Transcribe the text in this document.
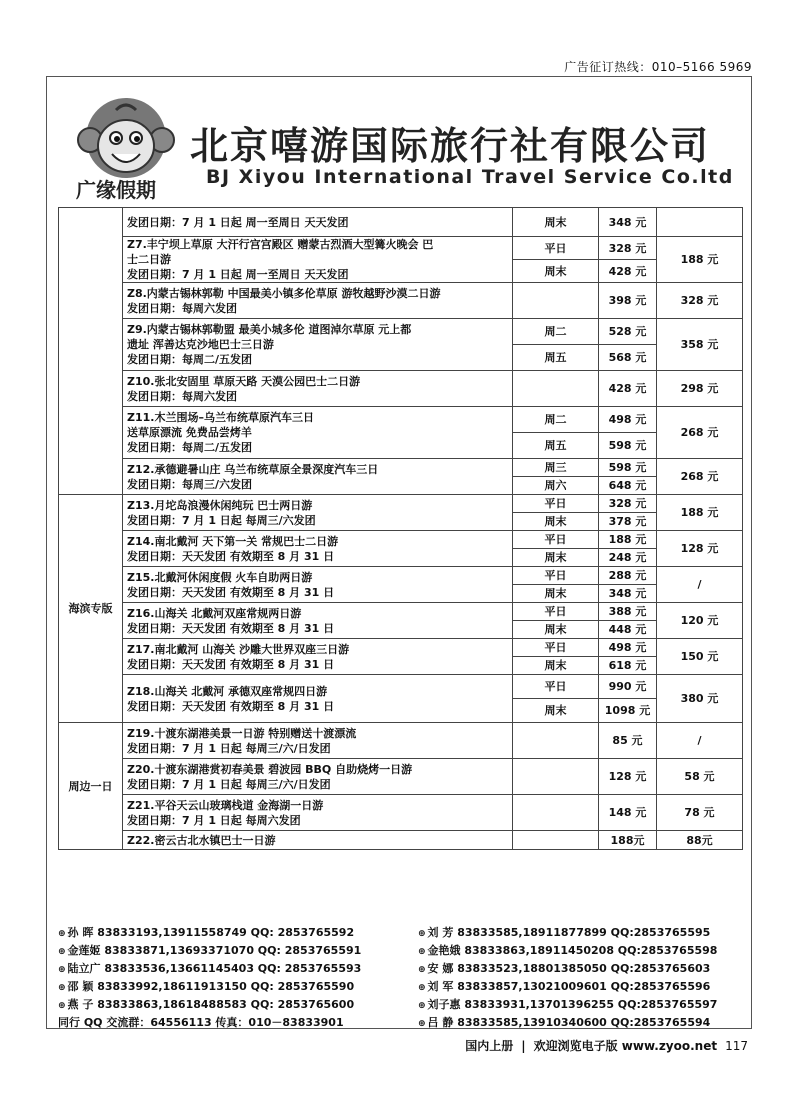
广告征订热线：010–5166 5969
北京嘻游国际旅行社有限公司
BJ Xiyou International Travel Service Co.ltd
广缘假期

	发团日期：7 月 1 日起 周一至周日 天天发团	周末	348 元	

	Z7.丰宁坝上草原 大汗行宫宫殿区 赠蒙古烈酒大型篝火晚会 巴
士二日游
发团日期：7 月 1 日起 周一至周日 天天发团	平日	328 元	188 元
		周末	428 元	

	Z8.内蒙古锡林郭勒 中国最美小镇多伦草原 游牧越野沙漠二日游
发团日期：每周六发团		398 元	328 元

	Z9.内蒙古锡林郭勒盟 最美小城多伦 道图淖尔草原 元上都
遗址 浑善达克沙地巴士三日游
发团日期：每周二/五发团	周二	528 元	358 元
		周五	568 元	

	Z10.张北安固里 草原天路 天漠公园巴士二日游
发团日期：每周六发团		428 元	298 元

	Z11.木兰围场–乌兰布统草原汽车三日
送草原漂流 免费品尝烤羊
发团日期：每周二/五发团	周二	498 元	268 元
		周五	598 元	

	Z12.承德避暑山庄 乌兰布统草原全景深度汽车三日
发团日期：每周三/六发团	周三	598 元	268 元
		周六	648 元	
海滨专版	Z13.月坨岛浪漫休闲纯玩 巴士两日游
发团日期：7 月 1 日起 每周三/六发团	平日	328 元	188 元
		周末	378 元	

	Z14.南北戴河 天下第一关 常规巴士二日游
发团日期：天天发团 有效期至 8 月 31 日	平日	188 元	128 元
		周末	248 元	

	Z15.北戴河休闲度假 火车自助两日游
发团日期：天天发团 有效期至 8 月 31 日	平日	288 元	/
		周末	348 元	

	Z16.山海关 北戴河双座常规两日游
发团日期：天天发团 有效期至 8 月 31 日	平日	388 元	120 元
		周末	448 元	

	Z17.南北戴河 山海关 沙雕大世界双座三日游
发团日期：天天发团 有效期至 8 月 31 日	平日	498 元	150 元
		周末	618 元	

	Z18.山海关 北戴河 承德双座常规四日游
发团日期：天天发团 有效期至 8 月 31 日	平日	990 元	380 元
		周末	1098 元	
周边一日	Z19.十渡东湖港美景一日游 特别赠送十渡漂流
发团日期：7 月 1 日起 每周三/六/日发团		85 元	/

	Z20.十渡东湖港赏初春美景 碧波园 BBQ 自助烧烤一日游
发团日期：7 月 1 日起 每周三/六/日发团		128 元	58 元

	Z21.平谷天云山玻璃栈道 金海湖一日游
发团日期：7 月 1 日起 每周六发团		148 元	78 元

	Z22.密云古北水镇巴士一日游		188元	88元
⊕ 孙 晖 83833193,13911558749 QQ: 2853765592	⊕ 刘 芳 83833585,18911877899 QQ:2853765595
⊕ 金莲姬 83833871,13693371070 QQ: 2853765591	⊕ 金艳娥 83833863,18911450208 QQ:2853765598
⊕ 陆立广 83833536,13661145403 QQ: 2853765593	⊕ 安 娜 83833523,18801385050 QQ:2853765603
⊕ 邵 颖 83833992,18611913150 QQ: 2853765590	⊕ 刘 军 83833857,13021009601 QQ:2853765596
⊕ 燕 子 83833863,18618488583 QQ: 2853765600	⊕ 刘子惠 83833931,13701396255 QQ:2853765597
同行 QQ 交流群：64556113 传真：010－83833901	⊕ 吕 静 83833585,13910340600 QQ:2853765594
国内上册 | 欢迎浏览电子版 www.zyoo.net 117
